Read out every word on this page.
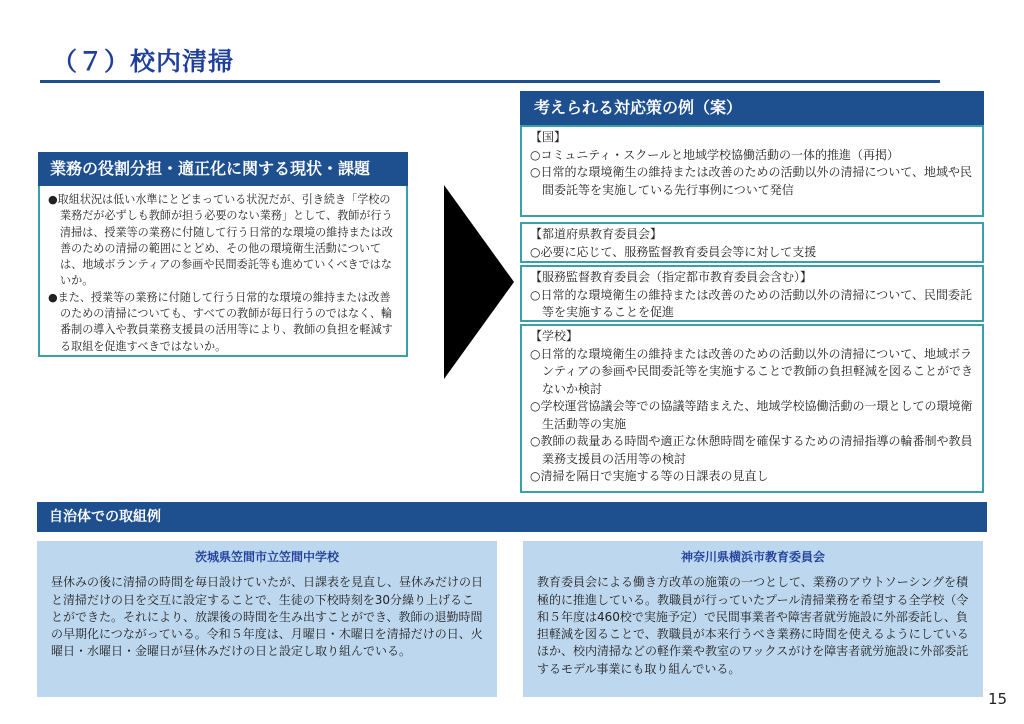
（７）校内清掃
業務の役割分担・適正化に関する現状・課題

●取組状況は低い水準にとどまっている状況だが、引き続き「学校の業務だが必ずしも教師が担う必要のない業務」として、教師が行う清掃は、授業等の業務に付随して行う日常的な環境の維持または改善のための清掃の範囲にとどめ、その他の環境衛生活動については、地域ボランティアの参画や民間委託等も進めていくべきではないか。

●また、授業等の業務に付随して行う日常的な環境の維持または改善のための清掃についても、すべての教師が毎日行うのではなく、輪番制の導入や教員業務支援員の活用等により、教師の負担を軽減する取組を促進すべきではないか。

考えられる対応策の例（案）
【国】
○コミュニティ・スクールと地域学校協働活動の一体的推進（再掲）
○日常的な環境衛生の維持または改善のための活動以外の清掃について、地域や民間委託等を実施している先行事例について発信
【都道府県教育委員会】
○必要に応じて、服務監督教育委員会等に対して支援
【服務監督教育委員会（指定都市教育委員会含む）】
○日常的な環境衛生の維持または改善のための活動以外の清掃について、民間委託等を実施することを促進
【学校】
○日常的な環境衛生の維持または改善のための活動以外の清掃について、地域ボランティアの参画や民間委託等を実施することで教師の負担軽減を図ることができないか検討
○学校運営協議会等での協議等踏まえた、地域学校協働活動の一環としての環境衛生活動等の実施
○教師の裁量ある時間や適正な休憩時間を確保するための清掃指導の輪番制や教員業務支援員の活用等の検討
○清掃を隔日で実施する等の日課表の見直し
自治体での取組例
茨城県笠間市立笠間中学校
昼休みの後に清掃の時間を毎日設けていたが、日課表を見直し、昼休みだけの日と清掃だけの日を交互に設定することで、生徒の下校時刻を30分繰り上げることができた。それにより、放課後の時間を生み出すことができ、教師の退勤時間の早期化につながっている。令和５年度は、月曜日・木曜日を清掃だけの日、火曜日・水曜日・金曜日が昼休みだけの日と設定し取り組んでいる。
神奈川県横浜市教育委員会
教育委員会による働き方改革の施策の一つとして、業務のアウトソーシングを積極的に推進している。教職員が行っていたプール清掃業務を希望する全学校（令和５年度は460校で実施予定）で民間事業者や障害者就労施設に外部委託し、負担軽減を図ることで、教職員が本来行うべき業務に時間を使えるようにしているほか、校内清掃などの軽作業や教室のワックスがけを障害者就労施設に外部委託するモデル事業にも取り組んでいる。
15
